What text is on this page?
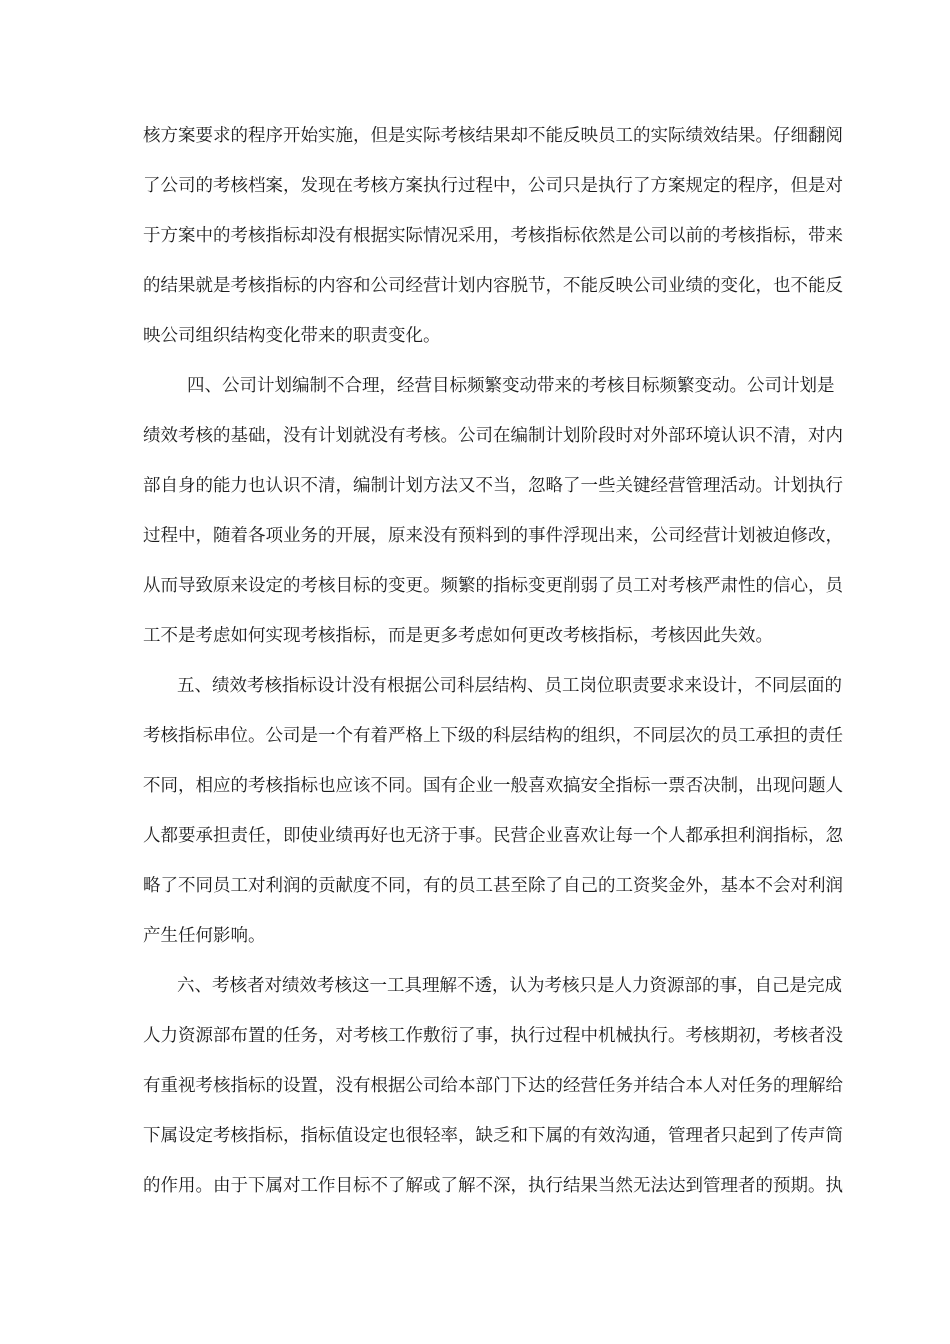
核方案要求的程序开始实施，但是实际考核结果却不能反映员工的实际绩效结果。仔细翻阅
了公司的考核档案，发现在考核方案执行过程中，公司只是执行了方案规定的程序，但是对
于方案中的考核指标却没有根据实际情况采用，考核指标依然是公司以前的考核指标，带来
的结果就是考核指标的内容和公司经营计划内容脱节，不能反映公司业绩的变化，也不能反
映公司组织结构变化带来的职责变化。
四、公司计划编制不合理，经营目标频繁变动带来的考核目标频繁变动。公司计划是
绩效考核的基础，没有计划就没有考核。公司在编制计划阶段时对外部环境认识不清，对内
部自身的能力也认识不清，编制计划方法又不当，忽略了一些关键经营管理活动。计划执行
过程中，随着各项业务的开展，原来没有预料到的事件浮现出来，公司经营计划被迫修改，
从而导致原来设定的考核目标的变更。频繁的指标变更削弱了员工对考核严肃性的信心，员
工不是考虑如何实现考核指标，而是更多考虑如何更改考核指标，考核因此失效。
五、绩效考核指标设计没有根据公司科层结构、员工岗位职责要求来设计，不同层面的
考核指标串位。公司是一个有着严格上下级的科层结构的组织，不同层次的员工承担的责任
不同，相应的考核指标也应该不同。国有企业一般喜欢搞安全指标一票否决制，出现问题人
人都要承担责任，即使业绩再好也无济于事。民营企业喜欢让每一个人都承担利润指标，忽
略了不同员工对利润的贡献度不同，有的员工甚至除了自己的工资奖金外，基本不会对利润
产生任何影响。
六、考核者对绩效考核这一工具理解不透，认为考核只是人力资源部的事，自己是完成
人力资源部布置的任务，对考核工作敷衍了事，执行过程中机械执行。考核期初，考核者没
有重视考核指标的设置，没有根据公司给本部门下达的经营任务并结合本人对任务的理解给
下属设定考核指标，指标值设定也很轻率，缺乏和下属的有效沟通，管理者只起到了传声筒
的作用。由于下属对工作目标不了解或了解不深，执行结果当然无法达到管理者的预期。执
